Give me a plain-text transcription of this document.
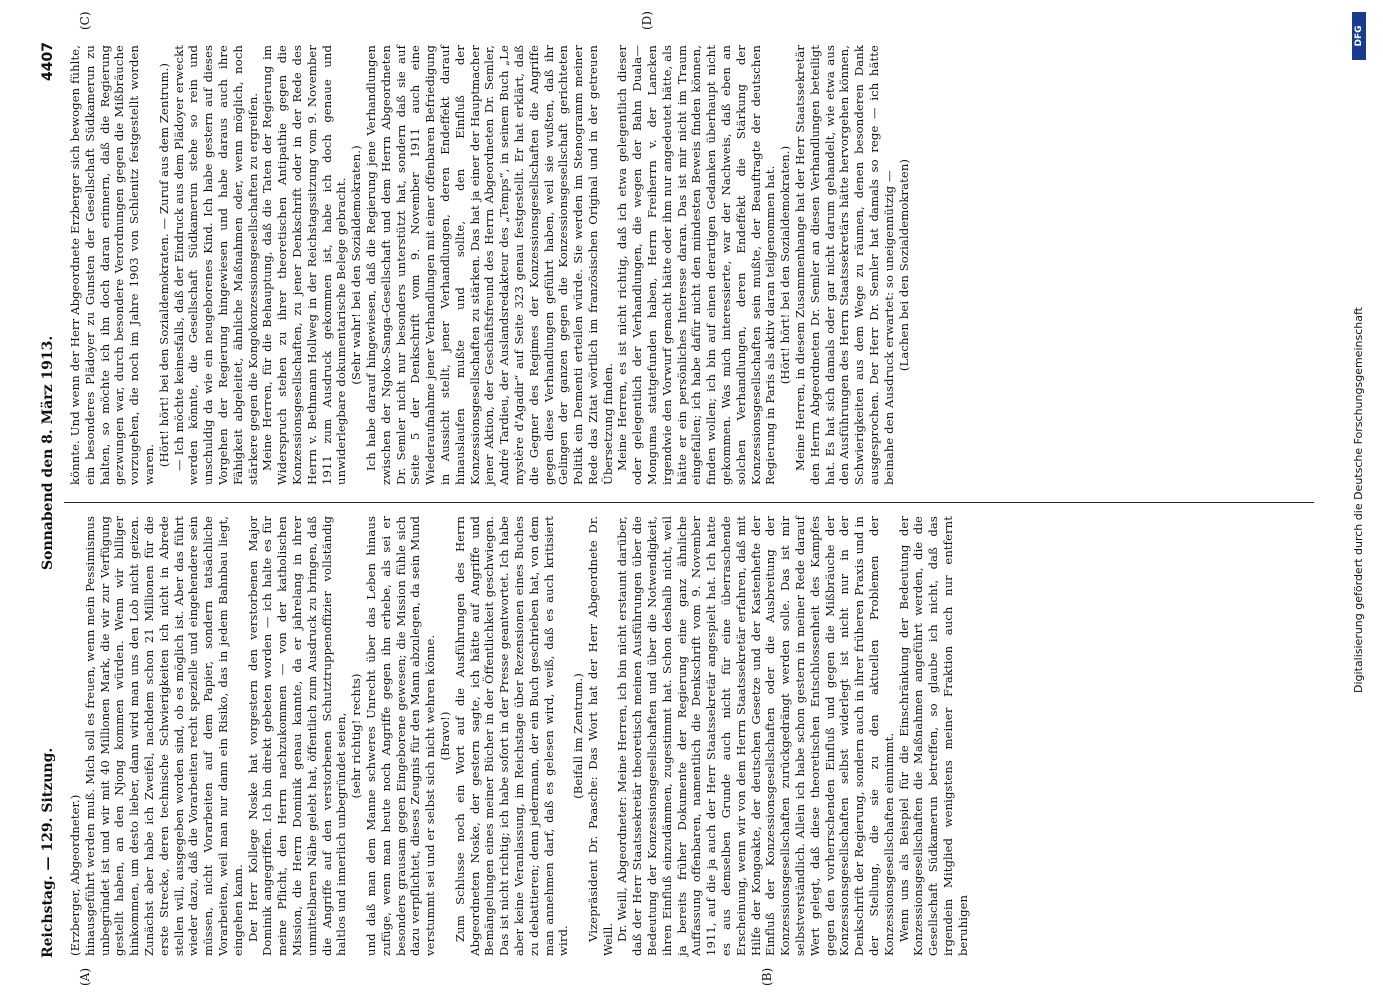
Reichstag. — 129. Sitzung.
Sonnabend den 8. März 1913.
4407
(A)	(B)
(C)	(D)

(Erzberger, Abgeordneter.) hinausgeführt werden muß. Mich soll es freuen, wenn mein Pessimismus unbegründet ist und wir mit 40 Millionen Mark, die wir zur Verfügung gestellt haben, an den Njong kommen würden. Wenn wir billiger hinkommen, um desto lieber, dann wird man uns den Lob nicht geizen. Zunächst aber habe ich Zweifel, nachdem schon 21 Millionen für die erste Strecke, deren technische Schwierigkeiten ich nicht in Abrede stellen will, ausgegeben worden sind, ob es möglich ist. Aber das führt wieder dazu, daß die Vorarbeiten recht spezielle und eingehendere sein müssen, nicht Vorarbeiten auf dem Papier, sondern tatsächliche Vorarbeiten, weil man nur dann ein Risiko, das in jedem Bahnbau liegt, eingehen kann. Der Herr Kollege Noske hat vorgestern den verstorbenen Major Dominik angegriffen. Ich bin direkt gebeten worden — ich halte es für meine Pflicht, den Herrn nachzukommen — von der katholischen Mission, die Herrn Dominik genau kannte, da er jahrelang in ihrer unmittelbaren Nähe gelebt hat, öffentlich zum Ausdruck zu bringen, daß die Angriffe auf den verstorbenen Schutztruppenoffizier vollständig haltlos und innerlich unbegründet seien, (sehr richtig! rechts) und daß man dem Manne schweres Unrecht über das Leben hinaus zufüge, wenn man heute noch Angriffe gegen ihn erhebe, als sei er besonders grausam gegen Eingeborene gewesen; die Mission fühle sich dazu verpflichtet, dieses Zeugnis für den Mann abzulegen, da sein Mund verstummt sei und er selbst sich nicht wehren könne. (Bravo!) Zum Schlusse noch ein Wort auf die Ausführungen des Herrn Abgeordneten Noske, der gestern sagte, ich hätte auf Angriffe und Bemängelungen eines meiner Bücher in der Öffentlichkeit geschwiegen. Das ist nicht richtig; ich habe sofort in der Presse geantwortet. Ich habe aber keine Veranlassung, im Reichstage über Rezensionen eines Buches zu debattieren; denn jedermann, der ein Buch geschrieben hat, von dem man annehmen darf, daß es gelesen wird, weiß, daß es auch kritisiert wird.

(Beifall im Zentrum.) Vizepräsident Dr. Paasche: Das Wort hat der Herr Abgeordnete Dr. Weill. Dr. Weill, Abgeordneter: Meine Herren, ich bin nicht erstaunt darüber, daß der Herr Staatssekretär theoretisch meinen Ausführungen über die Bedeutung der Konzessionsgesellschaften und über die Notwendigkeit, ihren Einfluß einzudämmen, zugestimmt hat. Schon deshalb nicht, weil ja bereits früher Dokumente der Regierung eine ganz ähnliche Auffassung offenbaren, namentlich die Denkschrift vom 9. November 1911, auf die ja auch der Herr Staatssekretär angespielt hat. Ich hatte es aus demselben Grunde auch nicht für eine überraschende Erscheinung, wenn wir von dem Herrn Staatssekretär erfahren, daß mit Hilfe der Kongoakte, der deutschen Gesetze und der Kastenhefte der Einfluß der Konzessionsgesellschaften oder die Ausbreitung der Konzessionsgesellschaften zurückgedrängt werden solle. Das ist mir selbstverständlich. Allein ich habe schon gestern in meiner Rede darauf Wert gelegt, daß diese theoretischen Entschlossenheit des Kampfes gegen den vorherrschenden Einfluß und gegen die Mißbräuche der Konzessionsgesellschaften selbst widerlegt ist nicht nur in der Denkschrift der Regierung, sondern auch in ihrer früheren Praxis und in der Stellung, die sie zu den aktuellen Problemen der Konzessionsgesellschaften einnimmt. Wenn uns als Beispiel für die Einschränkung der Bedeutung der Konzessionsgesellschaften die Maßnahmen angeführt werden, die die Gesellschaft Südkamerun betreffen, so glaube ich nicht, daß das irgendein Mitglied wenigstens meiner Fraktion auch nur entfernt beruhigen

könnte. Und wenn der Herr Abgeordnete Erzberger sich bewogen fühlte, ein besonderes Plädoyer zu Gunsten der Gesellschaft Südkamerun zu halten, so möchte ich ihn doch daran erinnern, daß die Regierung gezwungen war, durch besondere Verordnungen gegen die Mißbräuche vorzugehen, die noch im Jahre 1903 von Schlenitz festgestellt worden waren. (Hört! hört! bei den Sozialdemokraten. — Zuruf aus dem Zentrum.) — Ich möchte keinesfalls, daß der Eindruck aus dem Plädoyer erweckt werden könnte, die Gesellschaft Südkamerun stehe so rein und unschuldig da wie ein neugeborenes Kind. Ich habe gestern auf dieses Vorgehen der Regierung hingewiesen und habe daraus auch ihre Fähigkeit abgeleitet, ähnliche Maßnahmen oder, wenn möglich, noch stärkere gegen die Kongokonzessionsgesellschaften zu ergreifen. Meine Herren, für die Behauptung, daß die Taten der Regierung im Widerspruch stehen zu ihrer theoretischen Antipathie gegen die Konzessionsgesellschaften, zu jener Denkschrift oder in der Rede des Herrn v. Bethmann Hollweg in der Reichstagssitzung vom 9. November 1911 zum Ausdruck gekommen ist, habe ich doch genaue und unwiderlegbare dokumentarische Belege gebracht. (Sehr wahr! bei den Sozialdemokraten.) Ich habe darauf hingewiesen, daß die Regierung jene Verhandlungen zwischen der Ngoko-Sanga-Gesellschaft und dem Herrn Abgeordneten Dr. Semler nicht nur besonders unterstützt hat, sondern daß sie auf Seite 5 der Denkschrift vom 9. November 1911 auch eine Wiederaufnahme jener Verhandlungen mit einer offenbaren Befriedigung in Aussicht stellt, jener Verhandlungen, deren Endeffekt darauf hinauslaufen mußte und sollte, den Einfluß der Konzessionsgesellschaften zu stärken. Das hat ja einer der Hauptmacher jener Aktion, der Geschäftsfreund des Herrn Abgeordneten Dr. Semler, André Tardieu, der Auslandsredakteur des „Temps“, in seinem Buch „Le mystère d'Agadir“ auf Seite 323 genau festgestellt. Er hat erklärt, daß die Gegner des Regimes der Konzessionsgesellschaften die Angriffe gegen diese Verhandlungen geführt haben, weil sie wußten, daß ihr Gelingen der ganzen gegen die Konzessionsgesellschaft gerichteten Politik ein Dementi erteilen würde. Sie werden im Stenogramm meiner Rede das Zitat wörtlich im französischen Original und in der getreuen Übersetzung finden. Meine Herren, es ist nicht richtig, daß ich etwa gelegentlich dieser oder gelegentlich der Verhandlungen, die wegen der Bahn Duala—Monguma stattgefunden haben, Herrn Freiherrn v. der Lancken irgendwie den Vorwurf gemacht hätte oder ihm nur angedeutet hätte, als hätte er ein persönliches Interesse daran. Das ist mir nicht im Traum eingefallen; ich habe dafür nicht den mindesten Beweis finden können, finden wollen; ich bin auf einen derartigen Gedanken überhaupt nicht gekommen. Was mich interessierte, war der Nachweis, daß eben an solchen Verhandlungen, deren Endeffekt die Stärkung der Konzessionsgesellschaften sein mußte, der Beauftragte der deutschen Regierung in Paris als aktiv daran teilgenommen hat. (Hört! hört! bei den Sozialdemokraten.) Meine Herren, in diesem Zusammenhange hat der Herr Staatssekretär den Herrn Abgeordneten Dr. Semler an diesen Verhandlungen beteiligt hat. Es hat sich damals oder gar nicht darum gehandelt, wie etwa aus den Ausführungen des Herrn Staatssekretärs hätte hervorgehen können, Schwierigkeiten aus dem Wege zu räumen, denen besonderen Dank ausgesprochen. Der Herr Dr. Semler hat damals so rege — ich hätte beinahe den Ausdruck erwartet: so uneigennützig — (Lachen bei den Sozialdemokraten)

Digitalisierung gefördert durch die Deutsche Forschungsgemeinschaft
DFG
